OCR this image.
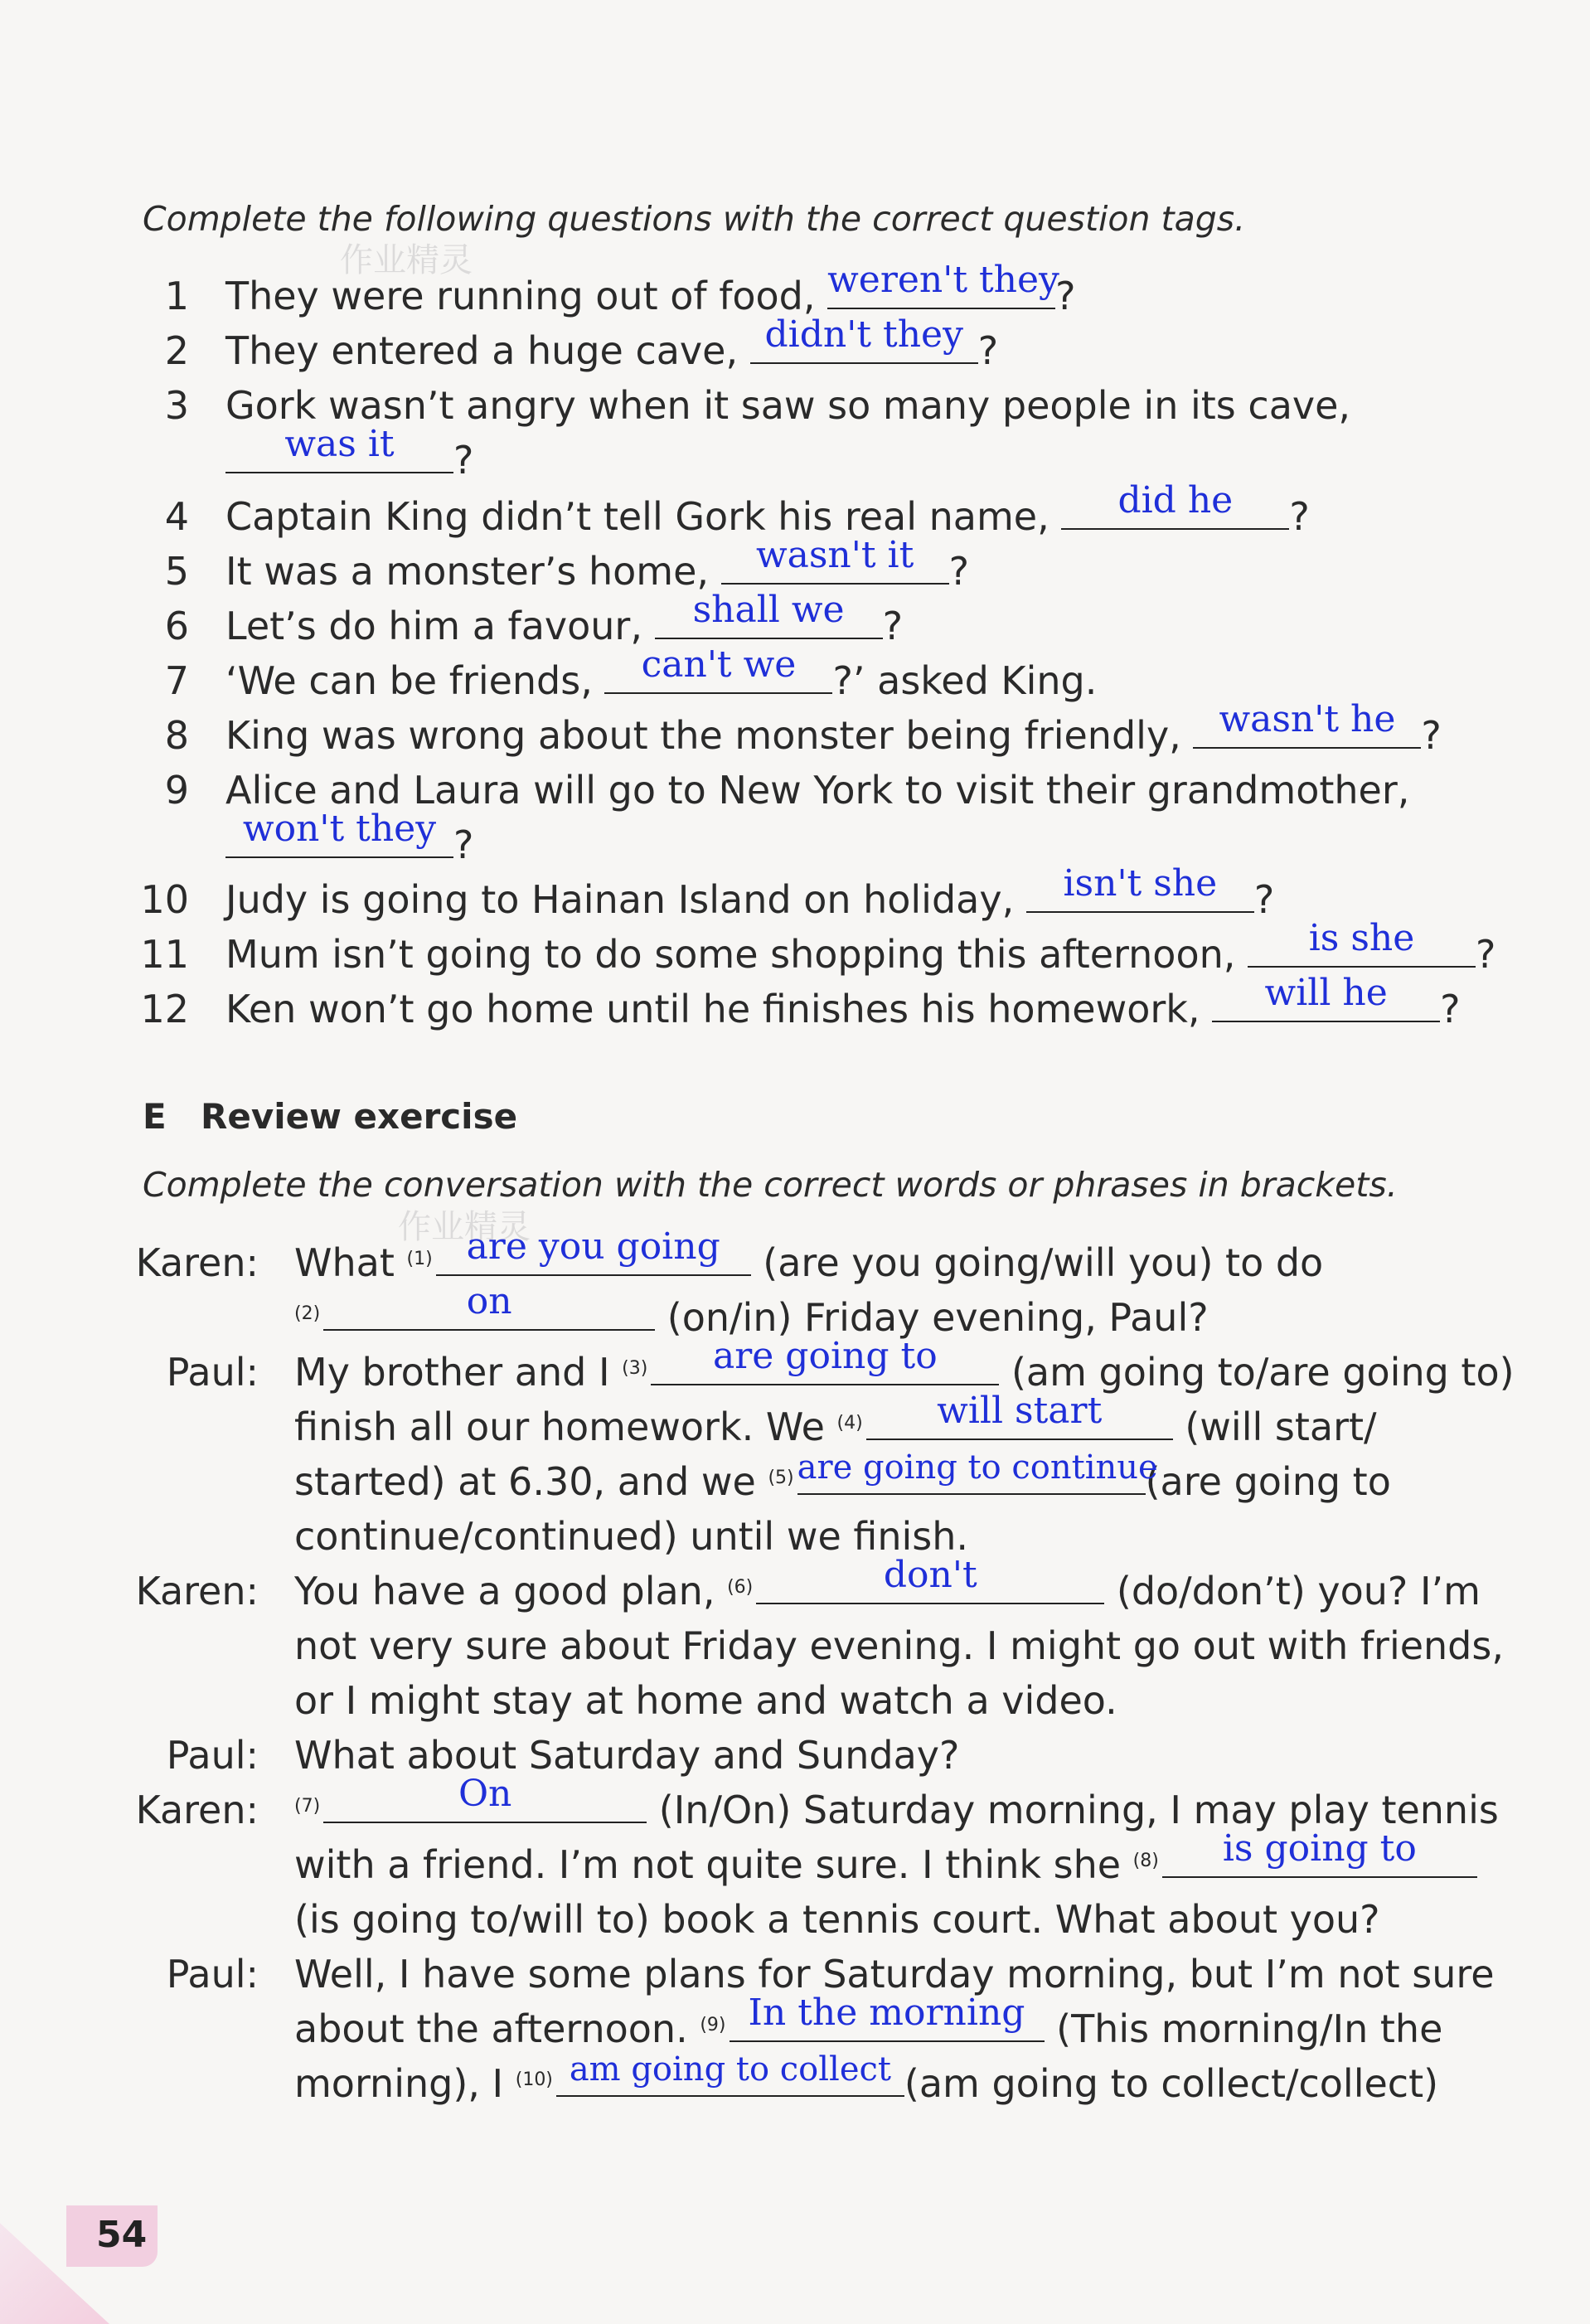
作业精灵
作业精灵
Complete the following questions with the correct question tags.
1 They were running out of food, weren't they
?
2 They entered a huge cave, didn't they ?
3 Gork wasn’t angry when it saw so many people in its cave,
was it	?
4 Captain King didn’t tell Gork his real name,	did he	?
5 It was a monster’s home,	wasn't it ?
6 Let’s do him a favour,	shall we	?
7 ‘We can be friends,	can't we ?’ asked King.
8 King was wrong about the monster being friendly,	wasn't he ?
9 Alice and Laura will go to New York to visit their grandmother,
won't they ?
10 Judy is going to Hainan Island on holiday,	isn't she ?
11 Mum isn’t going to do some shopping this afternoon,	is she	?
12 Ken won’t go home until he finishes his homework,	will he	?
E Review exercise
Complete the conversation with the correct words or phrases in brackets.
Karen: What $^{(1)}$ are you going	(are you going/will you) to do
$^{(2)}$	on	(on/in) Friday evening, Paul?
Paul: My brother and I $^{(3)}$	are going to	(am going to/are going to)
finish all our homework. We $^{(4)}$	will start	(will start/
started) at 6.30, and we $^{(5)}$ are going to continue
(are going to
continue/continued) until we finish.
Karen: You have a good plan, $^{(6)}$	don't	(do/don’t) you? I’m
not very sure about Friday evening. I might go out with friends,
or I might stay at home and watch a video.
Paul: What about Saturday and Sunday?
Karen: $^{(7)}$	On	(In/On) Saturday morning, I may play tennis
with a friend. I’m not quite sure. I think she $^{(8)}$	is going to
(is going to/will to) book a tennis court. What about you?
Paul: Well, I have some plans for Saturday morning, but I’m not sure
about the afternoon. $^{(9)}$ In the morning (This morning/In the
morning), I $^{(10)}$ am going to collect (am going to collect/collect)
54
